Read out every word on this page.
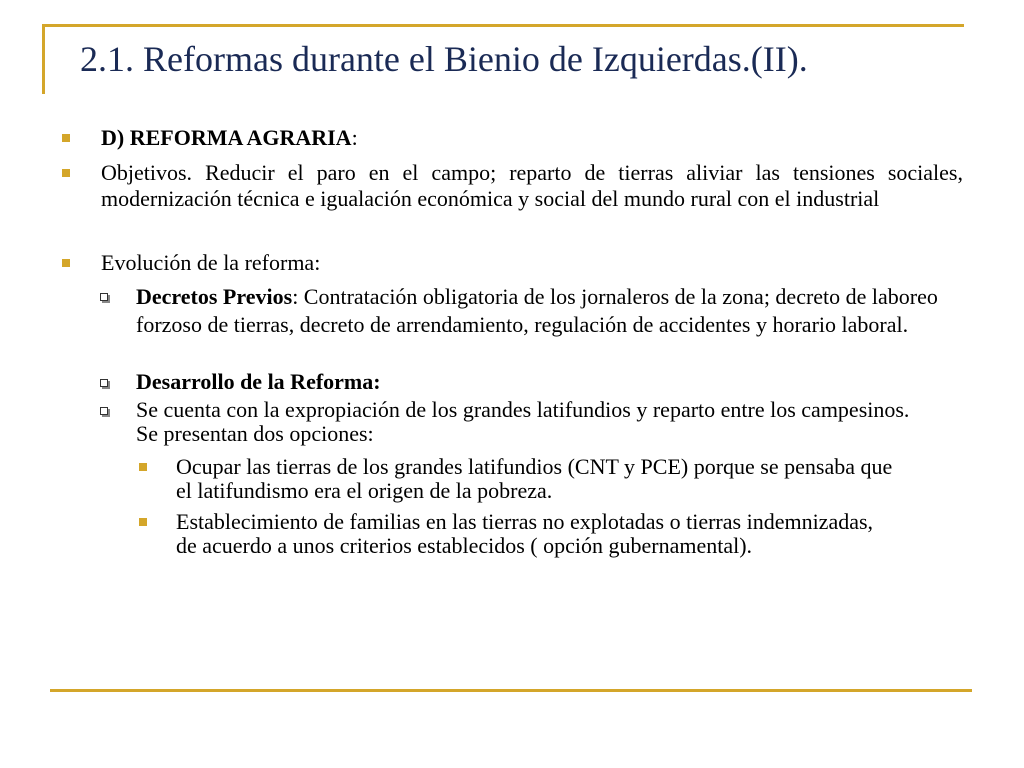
2.1. Reformas durante el Bienio de Izquierdas.(II).
D) REFORMA AGRARIA:
Objetivos. Reducir el paro en el campo; reparto de tierras aliviar las tensiones sociales, modernización técnica e igualación económica y social del mundo rural con el industrial
Evolución de la reforma:
Decretos Previos: Contratación obligatoria de los jornaleros de la zona; decreto de laboreo forzoso de tierras, decreto de arrendamiento, regulación de accidentes y horario laboral.
Desarrollo de la Reforma:
Se cuenta con la expropiación de los grandes latifundios y reparto entre los campesinos. Se presentan dos opciones:
Ocupar las tierras de los grandes latifundios (CNT y PCE) porque se pensaba que el latifundismo era el origen de la pobreza.
Establecimiento de familias en las tierras no explotadas o tierras indemnizadas, de acuerdo a unos criterios establecidos ( opción gubernamental).
